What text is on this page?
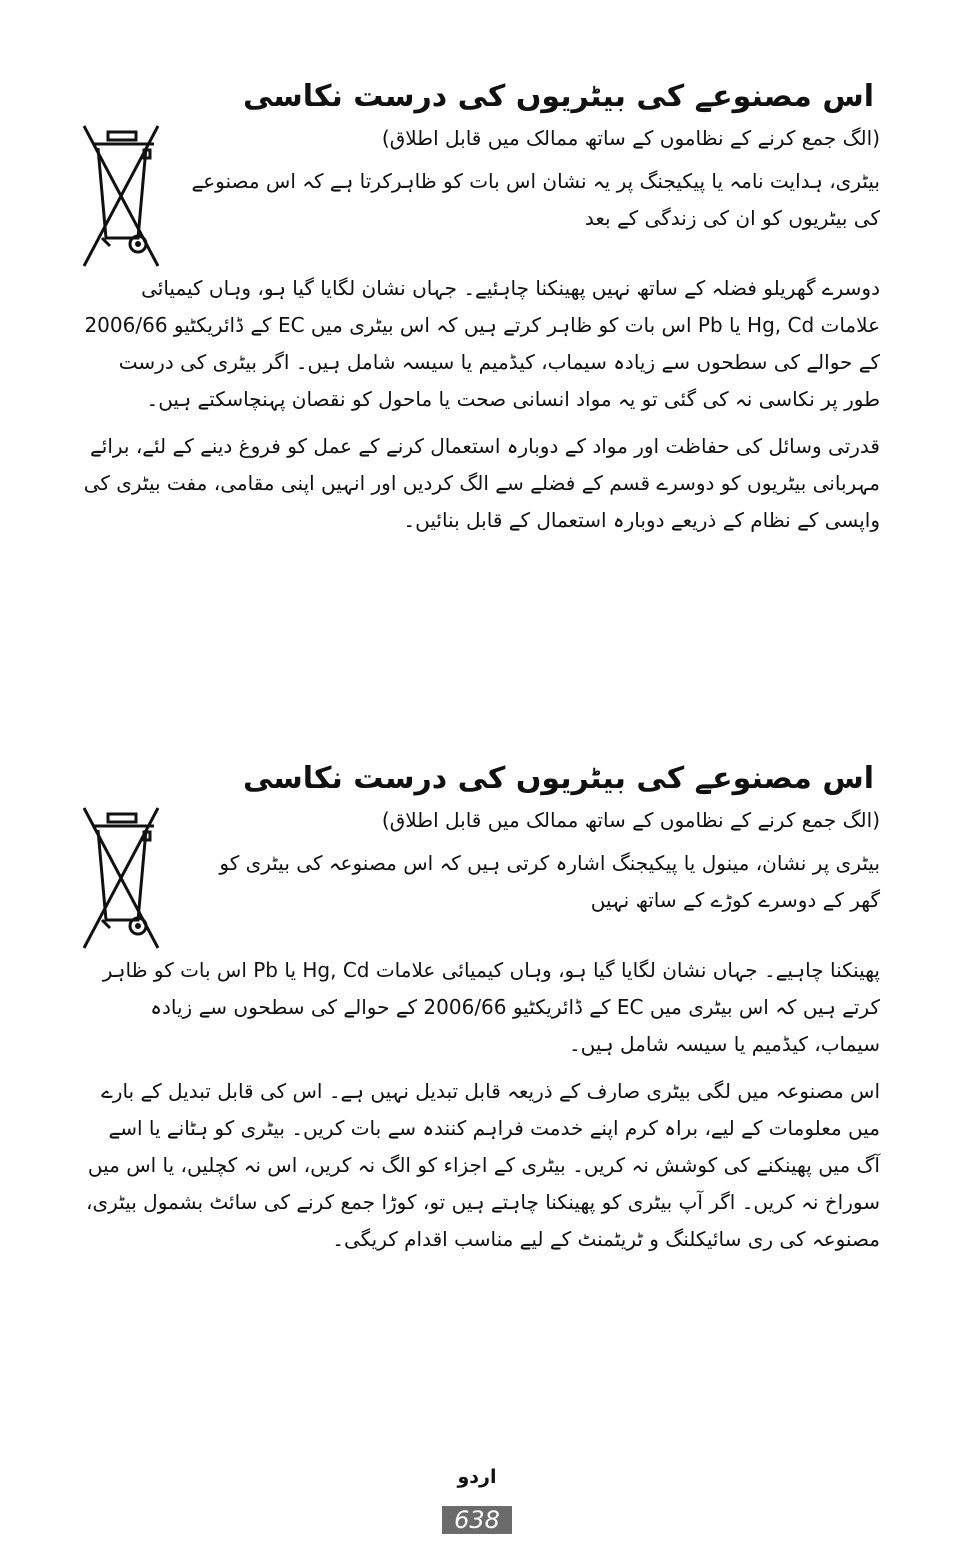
اس مصنوعے کی بیٹریوں کی درست نکاسی

(الگ جمع کرنے کے نظاموں کے ساتھ ممالک میں قابل اطلاق)

بیٹری، ہدایت نامہ یا پیکیجنگ پر یہ نشان اس بات کو ظاہرکرتا ہے کہ اس مصنوعے کی بیٹریوں کو ان کی زندگی کے بعد

دوسرے گھریلو فضلہ کے ساتھ نہیں پھینکنا چاہئیے۔ جہاں نشان لگایا گیا ہو، وہاں کیمیائی علامات Hg, Cd یا Pb اس بات کو ظاہر کرتے ہیں کہ اس بیٹری میں EC کے ڈائریکٹیو 2006/66 کے حوالے کی سطحوں سے زیادہ سیماب، کیڈمیم یا سیسہ شامل ہیں۔ اگر بیٹری کی درست طور پر نکاسی نہ کی گئی تو یہ مواد انسانی صحت یا ماحول کو نقصان پہنچاسکتے ہیں۔

قدرتی وسائل کی حفاظت اور مواد کے دوبارہ استعمال کرنے کے عمل کو فروغ دینے کے لئے، برائے مہربانی بیٹریوں کو دوسرے قسم کے فضلے سے الگ کردیں اور انہیں اپنی مقامی، مفت بیٹری کی واپسی کے نظام کے ذریعے دوبارہ استعمال کے قابل بنائیں۔

اس مصنوعے کی بیٹریوں کی درست نکاسی

(الگ جمع کرنے کے نظاموں کے ساتھ ممالک میں قابل اطلاق)

بیٹری پر نشان، مینول یا پیکیجنگ اشارہ کرتی ہیں کہ اس مصنوعہ کی بیٹری کو گھر کے دوسرے کوڑے کے ساتھ نہیں

پھینکنا چاہیے۔ جہاں نشان لگایا گیا ہو، وہاں کیمیائی علامات Hg, Cd یا Pb اس بات کو ظاہر کرتے ہیں کہ اس بیٹری میں EC کے ڈائریکٹیو 2006/66 کے حوالے کی سطحوں سے زیادہ سیماب، کیڈمیم یا سیسہ شامل ہیں۔

اس مصنوعہ میں لگی بیٹری صارف کے ذریعہ قابل تبدیل نہیں ہے۔ اس کی قابل تبدیل کے بارے میں معلومات کے لیے، براہ کرم اپنے خدمت فراہم کنندہ سے بات کریں۔ بیٹری کو ہٹانے یا اسے آگ میں پھینکنے کی کوشش نہ کریں۔ بیٹری کے اجزاء کو الگ نہ کریں، اس نہ کچلیں، یا اس میں سوراخ نہ کریں۔ اگر آپ بیٹری کو پھینکنا چاہتے ہیں تو، کوڑا جمع کرنے کی سائٹ بشمول بیٹری، مصنوعہ کی ری سائیکلنگ و ٹریٹمنٹ کے لیے مناسب اقدام کریگی۔

اردو
638
